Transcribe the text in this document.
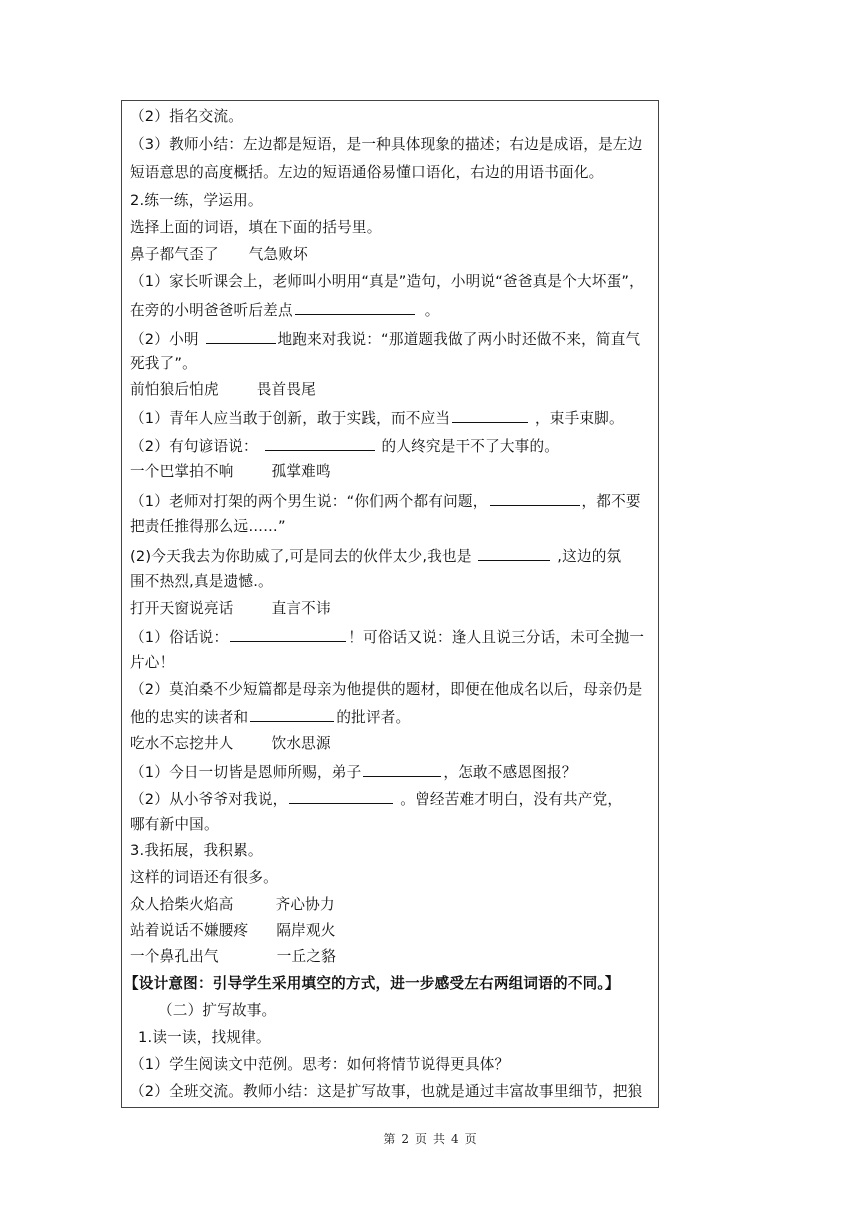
（2）指名交流。
（3）教师小结：左边都是短语，是一种具体现象的描述；右边是成语，是左边
短语意思的高度概括。左边的短语通俗易懂口语化，右边的用语书面化。
2.练一练，学运用。
选择上面的词语，填在下面的括号里。
鼻子都气歪了 气急败坏
（1）家长听课会上，老师叫小明用“真是”造句，小明说“爸爸真是个大坏蛋”，
在旁的小明爸爸听后差点	。
（2）小明	地跑来对我说：“那道题我做了两小时还做不来，简直气
死我了”。
前怕狼后怕虎	畏首畏尾
（1）青年人应当敢于创新，敢于实践，而不应当	，束手束脚。
（2）有句谚语说：	的人终究是干不了大事的。
一个巴掌拍不响	孤掌难鸣
（1）老师对打架的两个男生说：“你们两个都有问题，	，都不要
把责任推得那么远……”
(2)今天我去为你助威了,可是同去的伙伴太少,我也是	,这边的氛
围不热烈,真是遗憾.。
打开天窗说亮话	直言不讳
（1）俗话说：	！可俗话又说：逢人且说三分话，未可全抛一
片心！
（2）莫泊桑不少短篇都是母亲为他提供的题材，即便在他成名以后，母亲仍是
他的忠实的读者和	的批评者。
吃水不忘挖井人	饮水思源
（1）今日一切皆是恩师所赐，弟子	，怎敢不感恩图报？
（2）从小爷爷对我说，	。曾经苦难才明白，没有共产党，
哪有新中国。
3.我拓展，我积累。
这样的词语还有很多。
众人拾柴火焰高	齐心协力
站着说话不嫌腰疼 隔岸观火
一个鼻孔出气	一丘之貉
【设计意图：引导学生采用填空的方式，进一步感受左右两组词语的不同。】
（二）扩写故事。
1.读一读，找规律。
（1）学生阅读文中范例。思考：如何将情节说得更具体？
（2）全班交流。教师小结：这是扩写故事，也就是通过丰富故事里细节，把狼
第 2 页 共 4 页
